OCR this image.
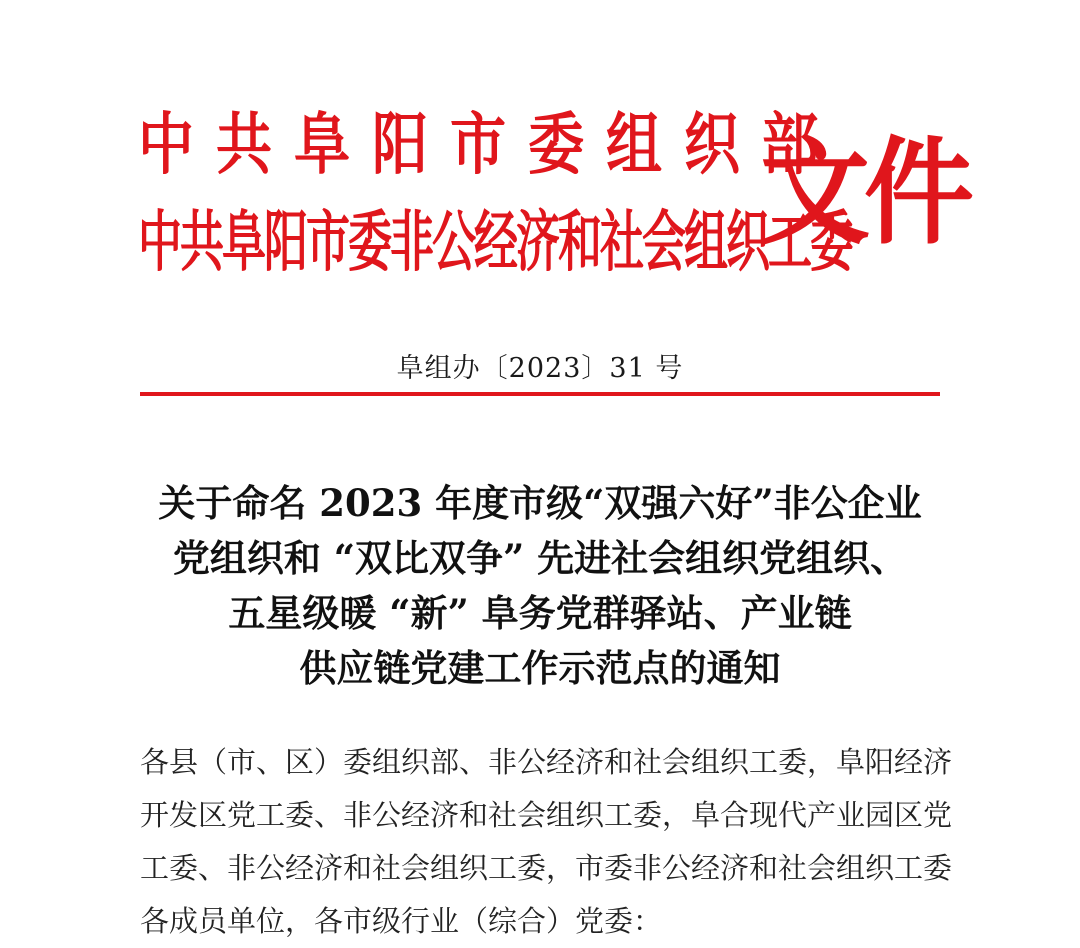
中共阜阳市委组织部
中共阜阳市委非公经济和社会组织工委
文件
阜组办〔2023〕31 号
关于命名 2023 年度市级“双强六好”非公企业
党组织和 “双比双争” 先进社会组织党组织、
五星级暖 “新” 阜务党群驿站、产业链
供应链党建工作示范点的通知
各县（市、区）委组织部、非公经济和社会组织工委，阜阳经济
开发区党工委、非公经济和社会组织工委，阜合现代产业园区党
工委、非公经济和社会组织工委，市委非公经济和社会组织工委
各成员单位，各市级行业（综合）党委：
